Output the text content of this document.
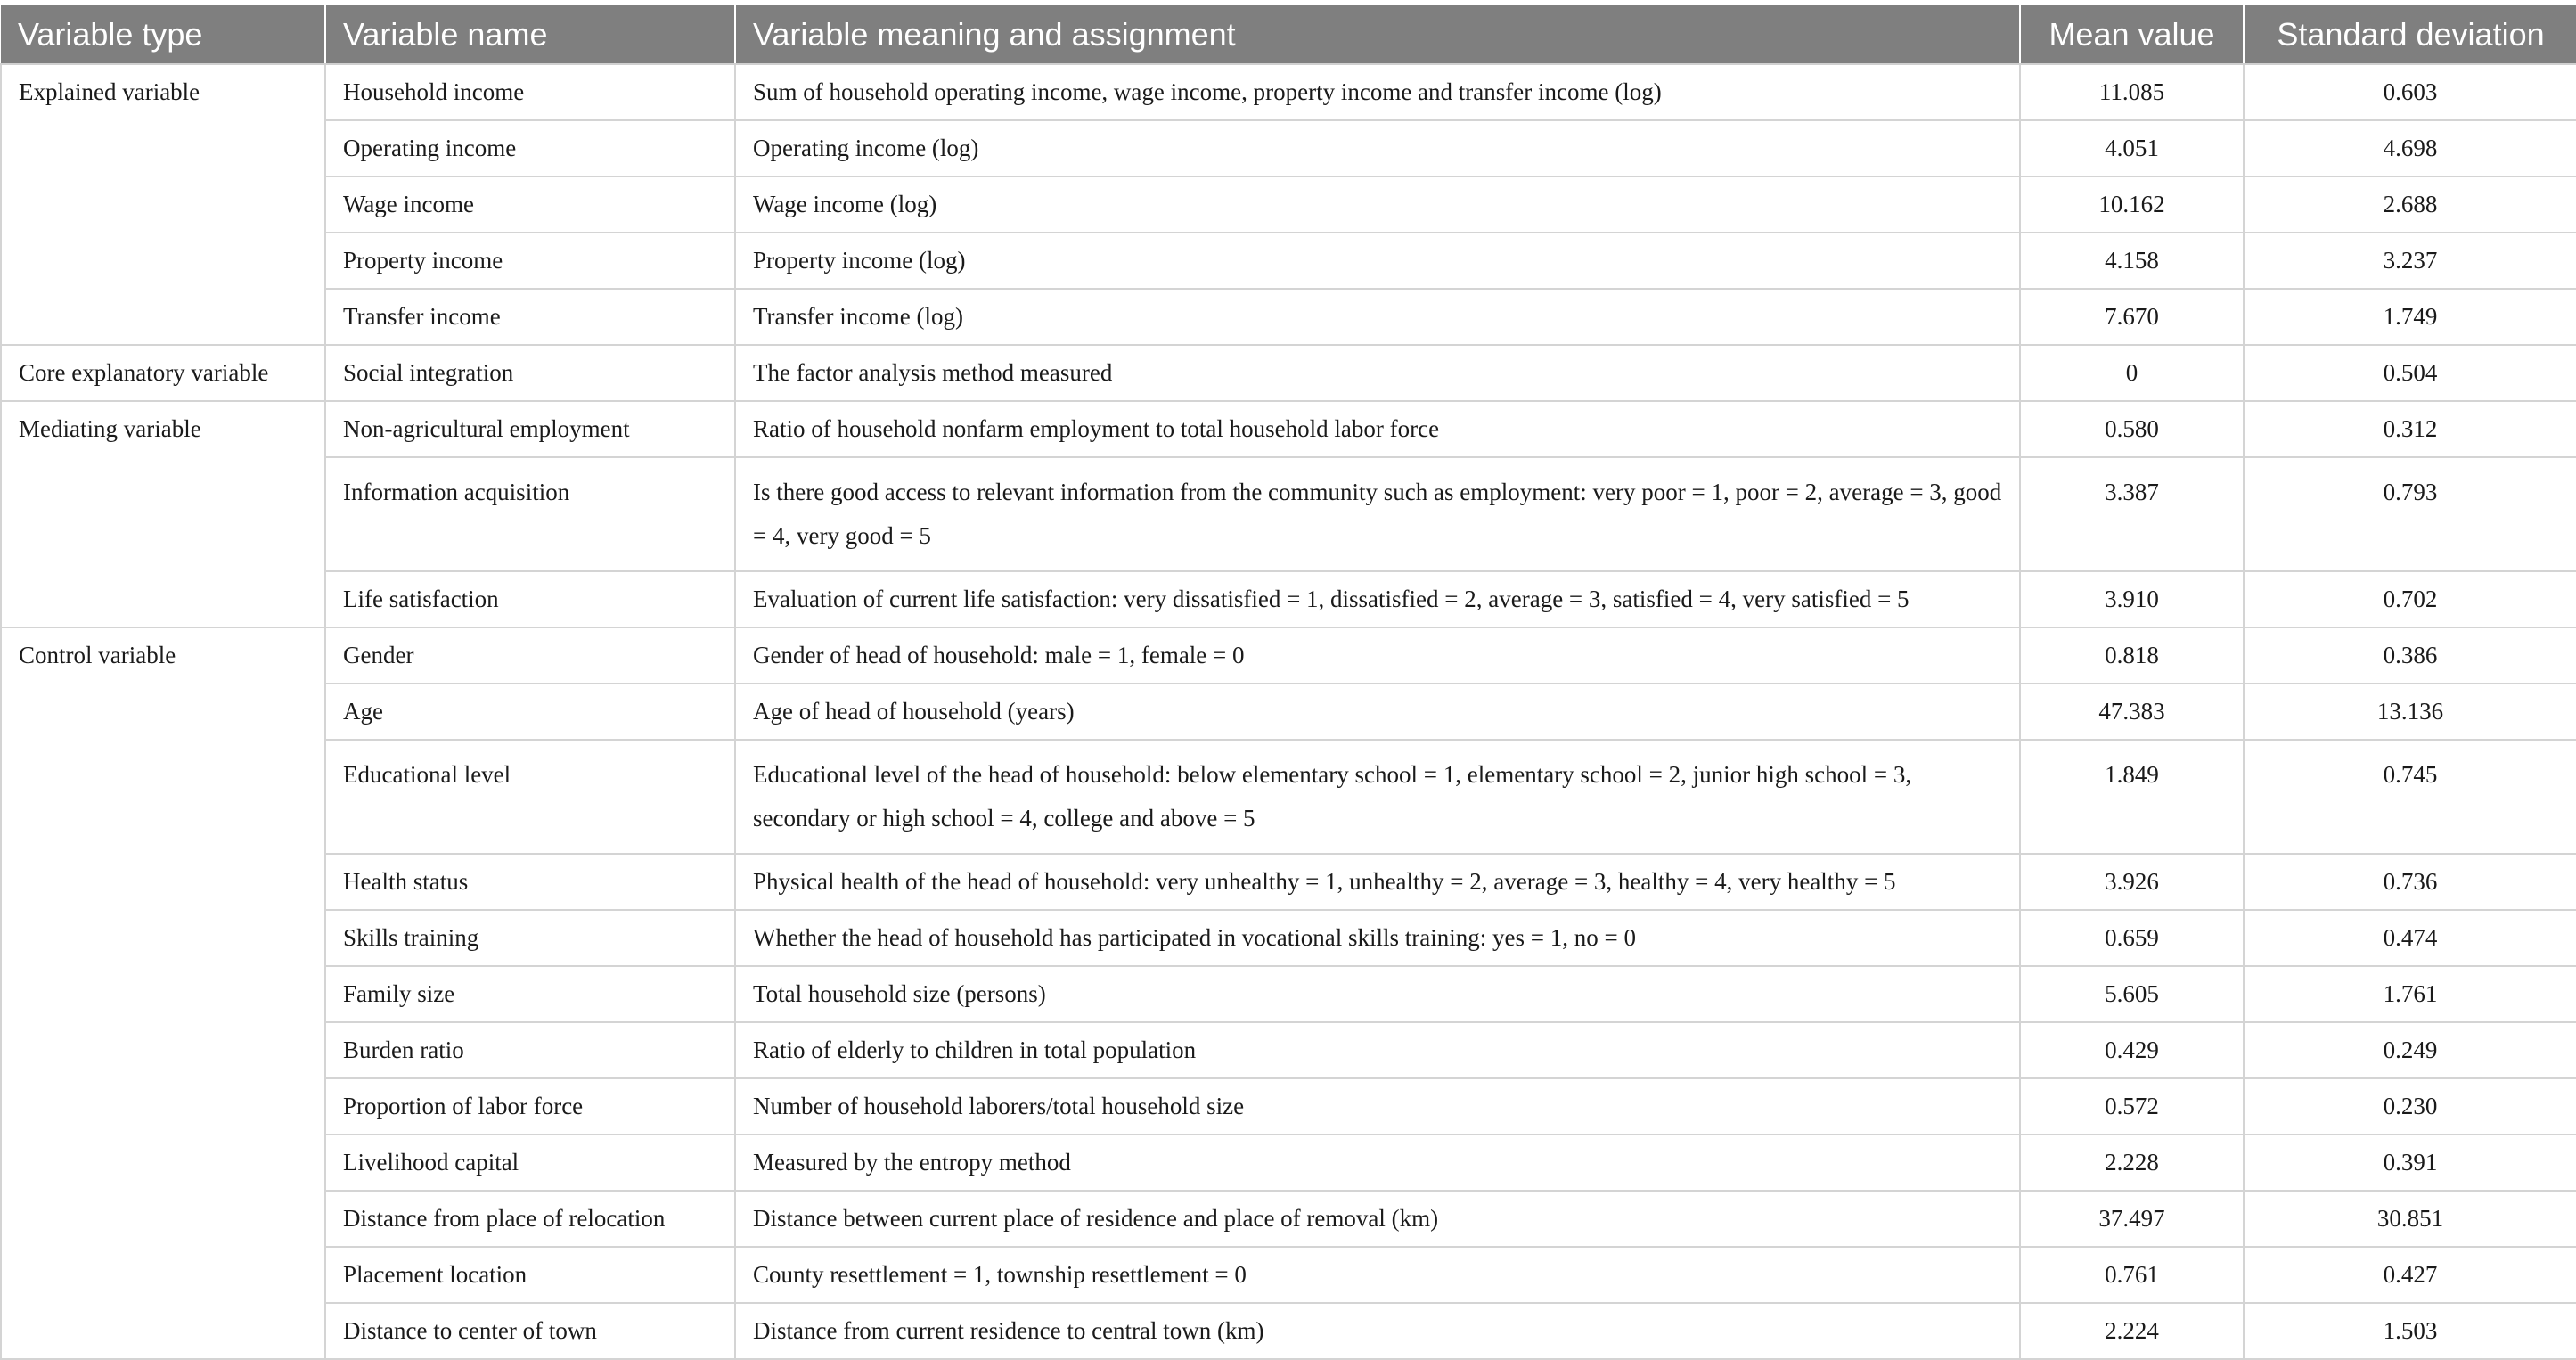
Variable type	Variable name	Variable meaning and assignment	Mean value	Standard deviation
Explained variable	Household income	Sum of household operating income, wage income, property income and transfer income (log)	11.085	0.603
	Operating income	Operating income (log)	4.051	4.698
	Wage income	Wage income (log)	10.162	2.688
	Property income	Property income (log)	4.158	3.237
	Transfer income	Transfer income (log)	7.670	1.749
Core explanatory variable	Social integration	The factor analysis method measured	0	0.504
Mediating variable	Non-agricultural employment	Ratio of household nonfarm employment to total household labor force	0.580	0.312
	Information acquisition	Is there good access to relevant information from the community such as employment: very poor = 1, poor = 2, average = 3, good = 4, very good = 5	3.387	0.793
	Life satisfaction	Evaluation of current life satisfaction: very dissatisfied = 1, dissatisfied = 2, average = 3, satisfied = 4, very satisfied = 5	3.910	0.702
Control variable	Gender	Gender of head of household: male = 1, female = 0	0.818	0.386
	Age	Age of head of household (years)	47.383	13.136
	Educational level	Educational level of the head of household: below elementary school = 1, elementary school = 2, junior high school = 3, secondary or high school = 4, college and above = 5	1.849	0.745
	Health status	Physical health of the head of household: very unhealthy = 1, unhealthy = 2, average = 3, healthy = 4, very healthy = 5	3.926	0.736
	Skills training	Whether the head of household has participated in vocational skills training: yes = 1, no = 0	0.659	0.474
	Family size	Total household size (persons)	5.605	1.761
	Burden ratio	Ratio of elderly to children in total population	0.429	0.249
	Proportion of labor force	Number of household laborers/total household size	0.572	0.230
	Livelihood capital	Measured by the entropy method	2.228	0.391
	Distance from place of relocation	Distance between current place of residence and place of removal (km)	37.497	30.851
	Placement location	County resettlement = 1, township resettlement = 0	0.761	0.427
	Distance to center of town	Distance from current residence to central town (km)	2.224	1.503
